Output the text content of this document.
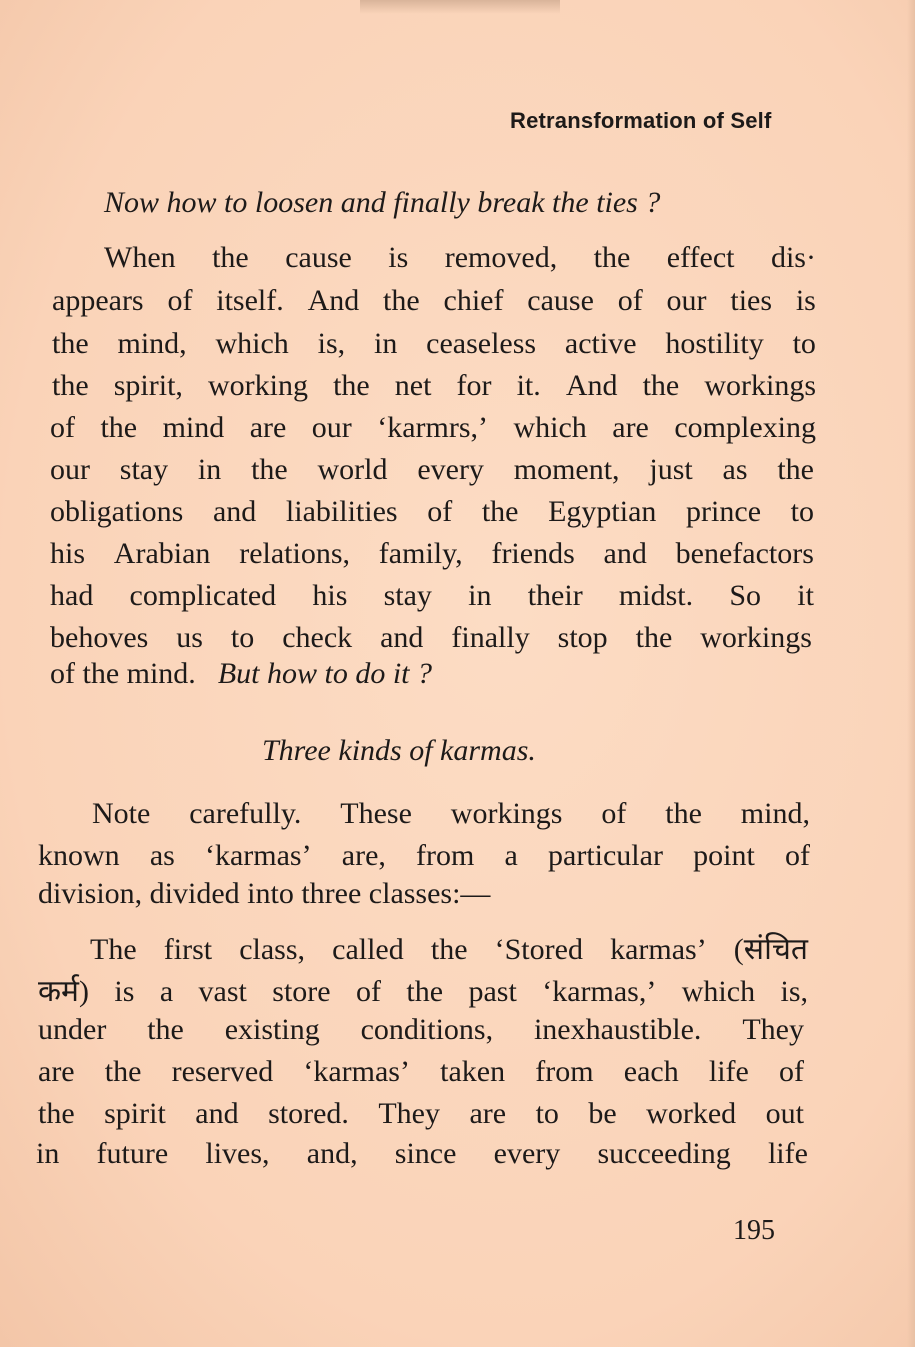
Retransformation of Self
Now how to loosen and finally break the ties ?
When the cause is removed, the effect dis·
appears of itself. And the chief cause of our ties is
the mind, which is, in ceaseless active hostility to
the spirit, working the net for it. And the workings
of the mind are our ‘karmrs,’ which are complexing
our stay in the world every moment, just as the
obligations and liabilities of the Egyptian prince to
his Arabian relations, family, friends and benefactors
had complicated his stay in their midst. So it
behoves us to check and finally stop the workings
of the mind. But how to do it ?
Three kinds of karmas.
Note carefully. These workings of the mind,
known as ‘karmas’ are, from a particular point of
division, divided into three classes:—
The first class, called the ‘Stored karmas’ (संचित
कर्म) is a vast store of the past ‘karmas,’ which is,
under the existing conditions, inexhaustible. They
are the reserved ‘karmas’ taken from each life of
the spirit and stored. They are to be worked out
in future lives, and, since every succeeding life
195
